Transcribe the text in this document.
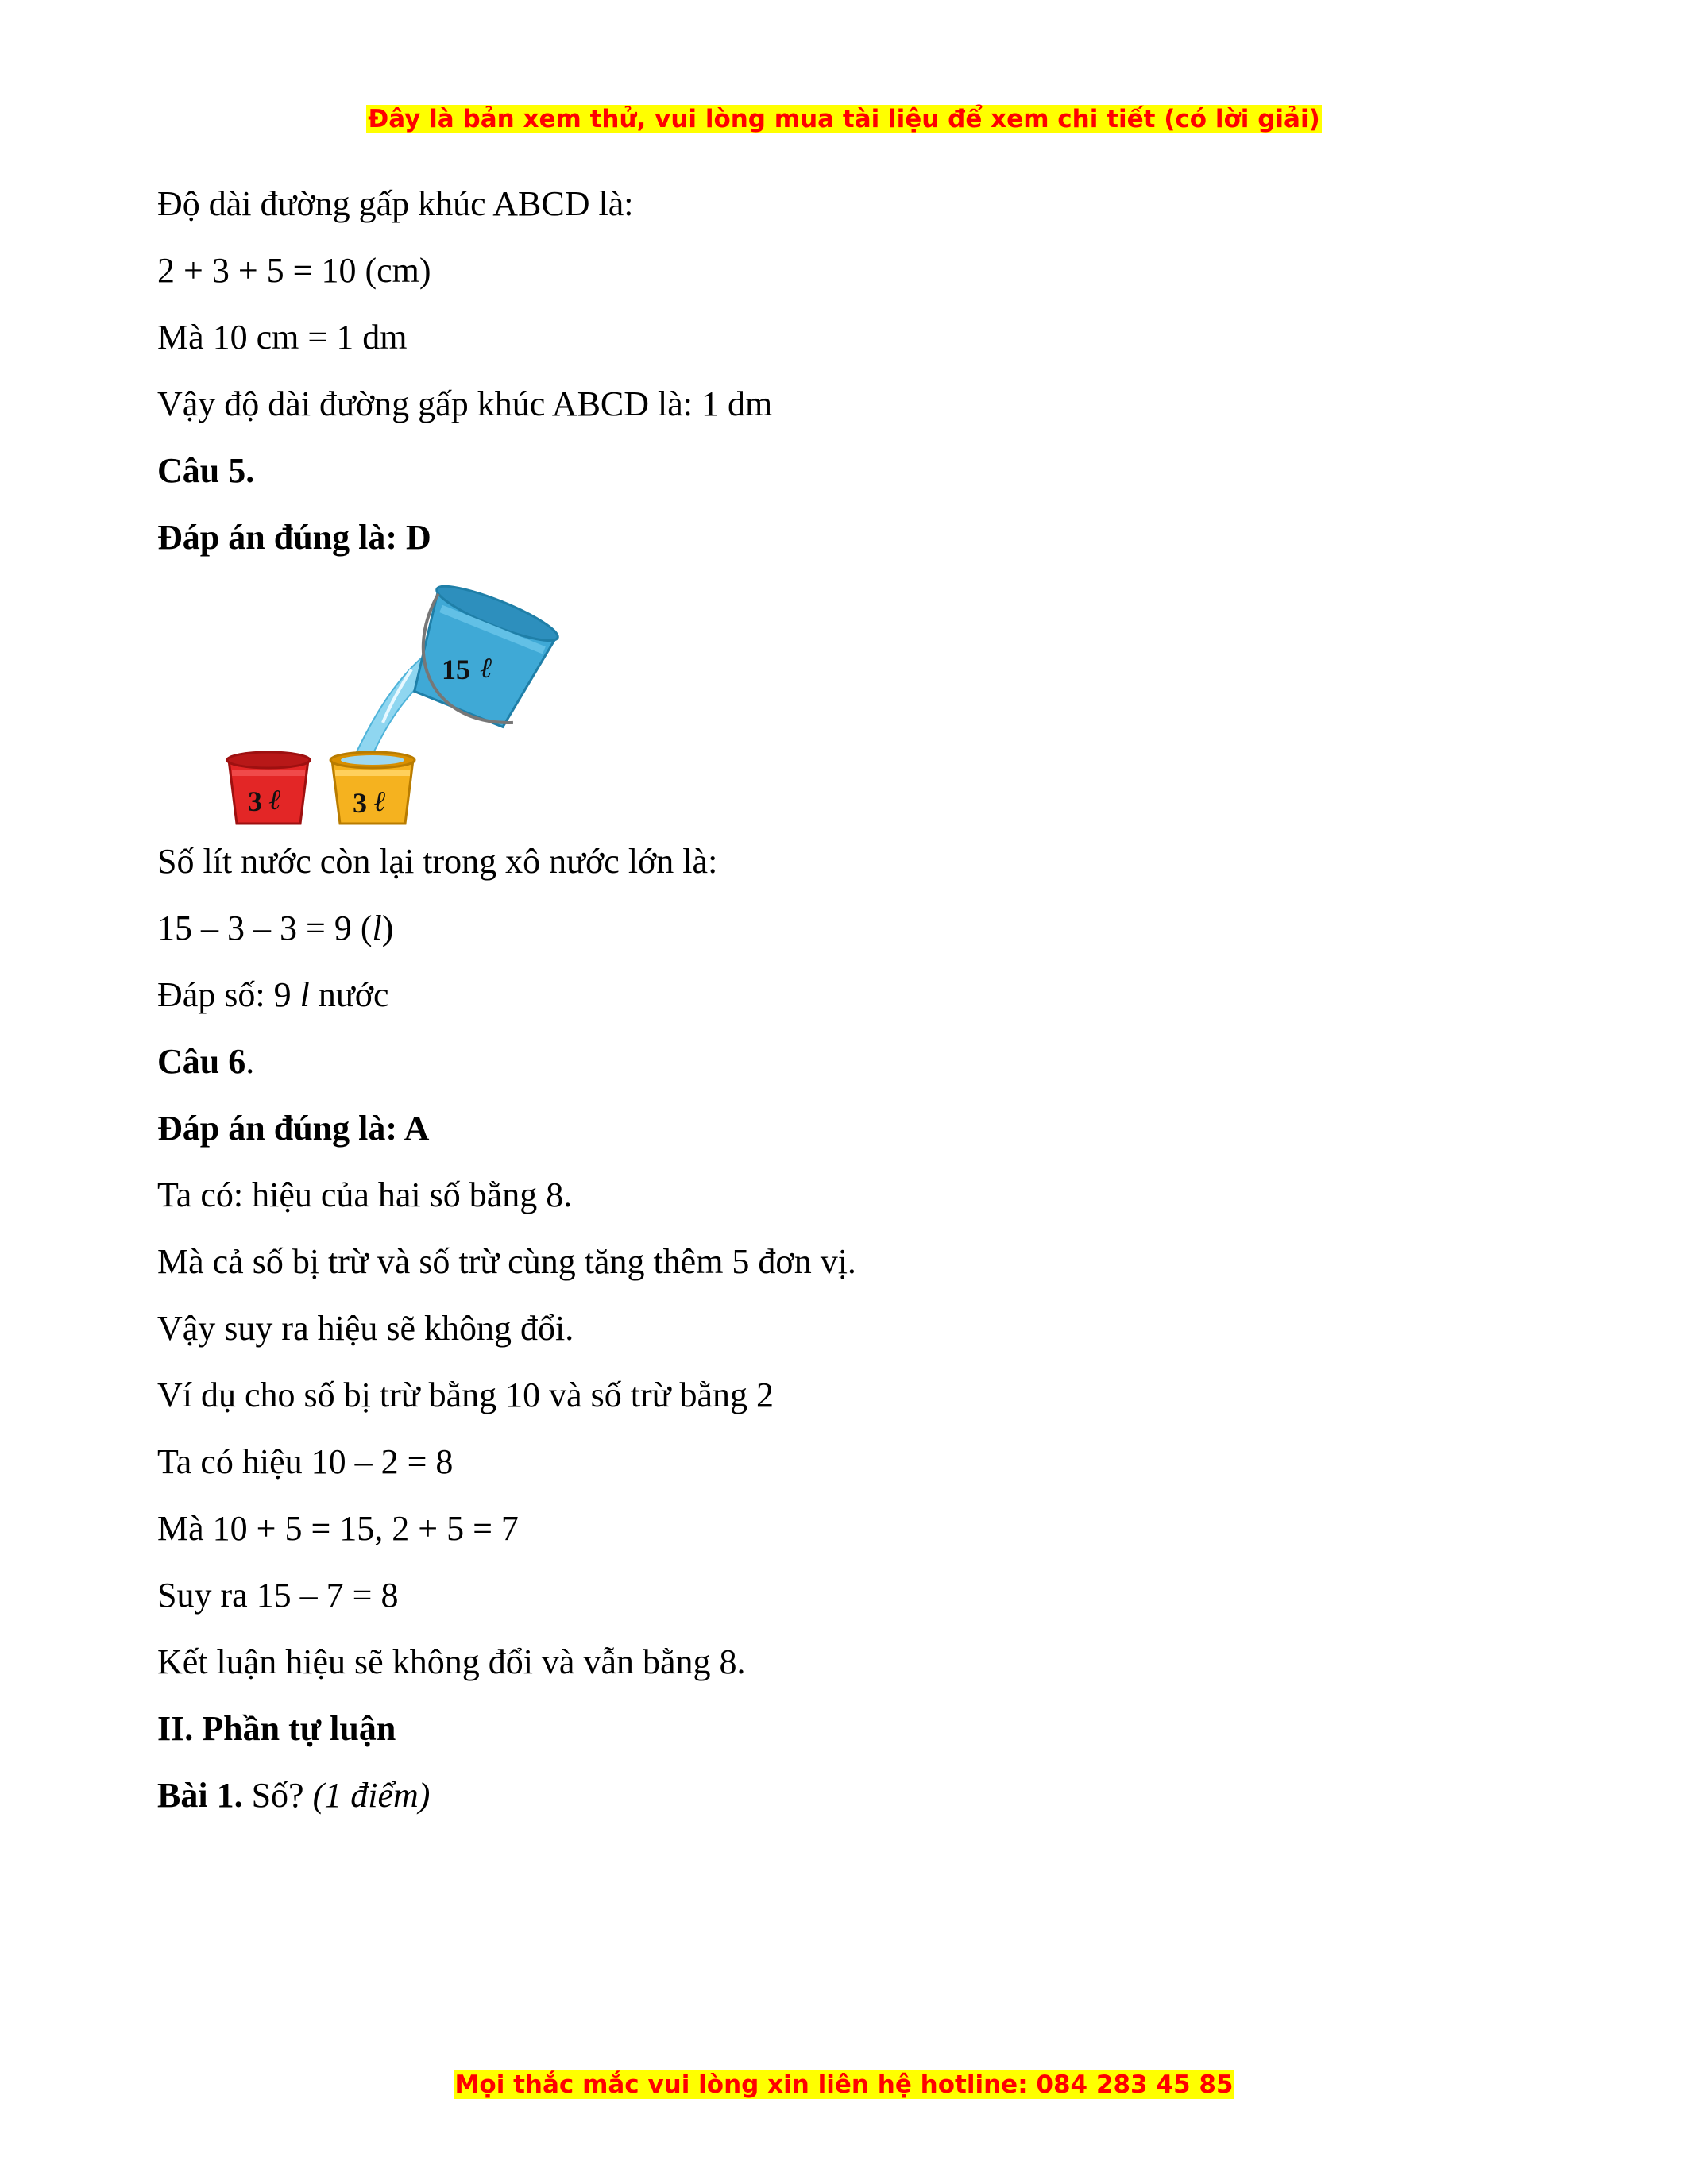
Đây là bản xem thử, vui lòng mua tài liệu để xem chi tiết (có lời giải)
Độ dài đường gấp khúc ABCD là:
2 + 3 + 5 = 10 (cm)
Mà 10 cm = 1 dm
Vậy độ dài đường gấp khúc ABCD là: 1 dm
Câu 5.
Đáp án đúng là: D
15 ℓ
3 ℓ	3 ℓ
Số lít nước còn lại trong xô nước lớn là:
15 – 3 – 3 = 9 (l)
Đáp số: 9 l nước
Câu 6.
Đáp án đúng là: A
Ta có: hiệu của hai số bằng 8.
Mà cả số bị trừ và số trừ cùng tăng thêm 5 đơn vị.
Vậy suy ra hiệu sẽ không đổi.
Ví dụ cho số bị trừ bằng 10 và số trừ bằng 2
Ta có hiệu 10 – 2 = 8
Mà 10 + 5 = 15, 2 + 5 = 7
Suy ra 15 – 7 = 8
Kết luận hiệu sẽ không đổi và vẫn bằng 8.
II. Phần tự luận
Bài 1. Số? (1 điểm)
Mọi thắc mắc vui lòng xin liên hệ hotline: 084 283 45 85
